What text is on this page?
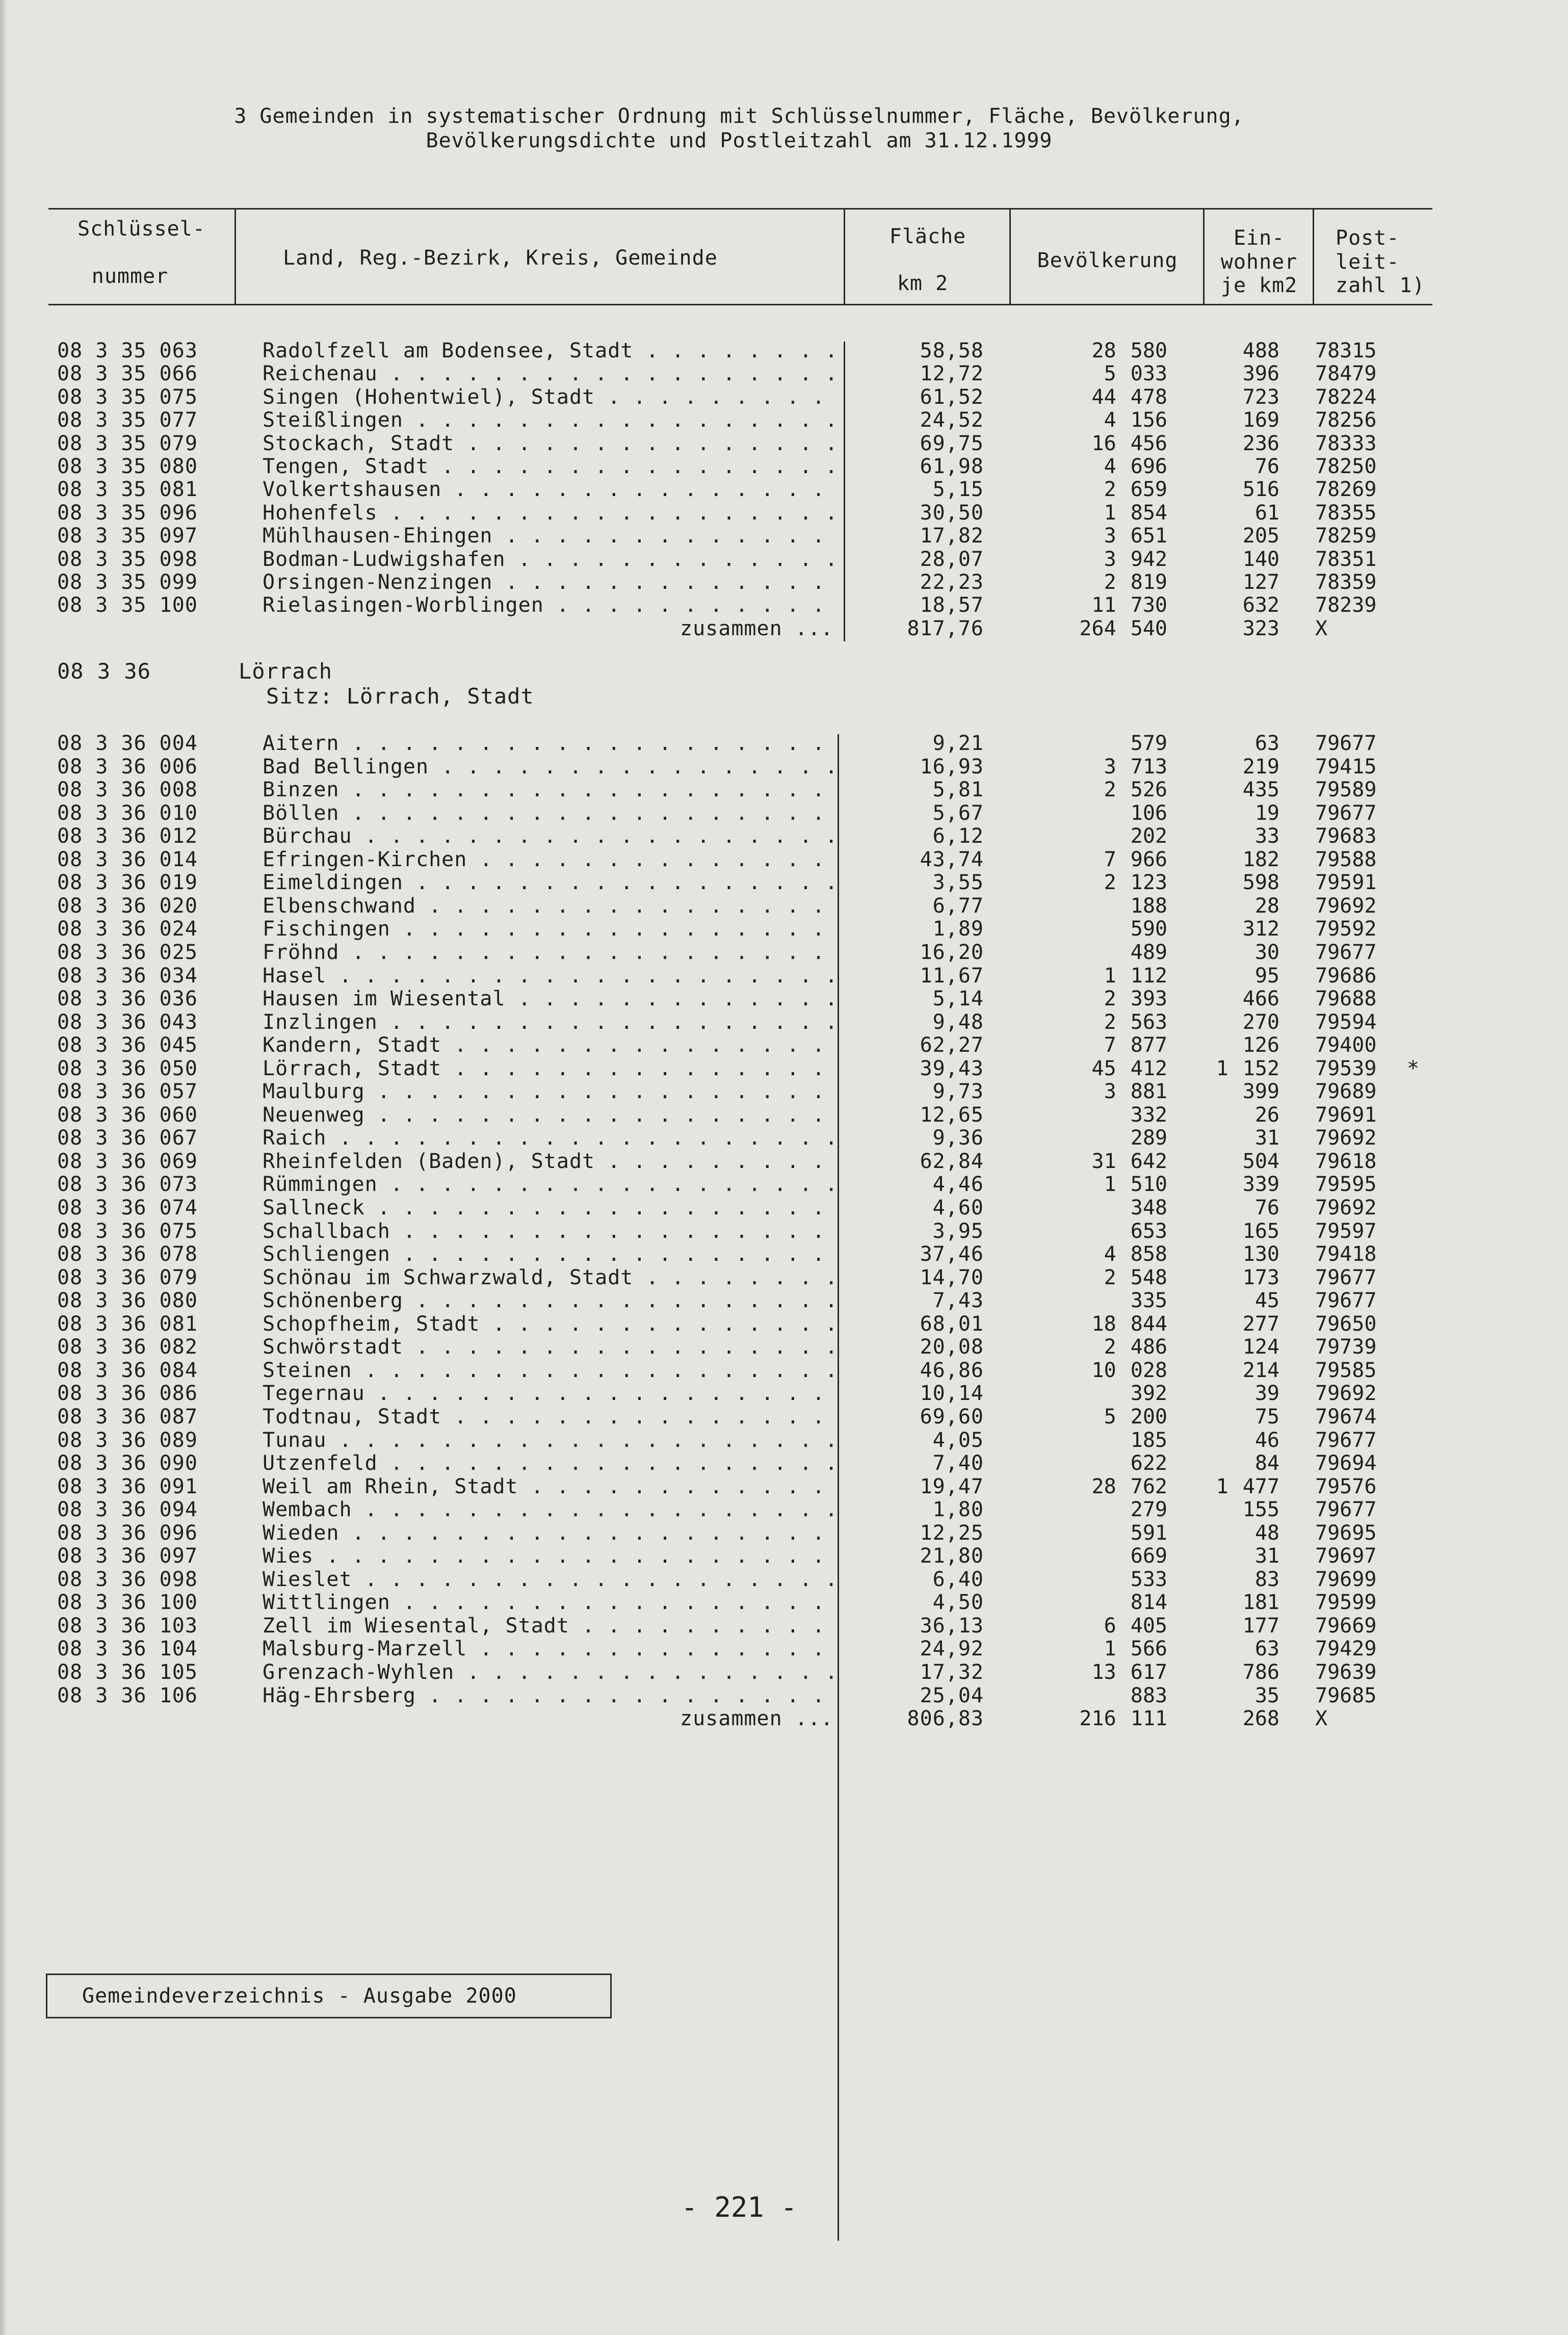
3 Gemeinden in systematischer Ordnung mit Schlüsselnummer, Fläche, Bevölkerung,
Bevölkerungsdichte und Postleitzahl am 31.12.1999
Schlüssel-
nummer
Land, Reg.-Bezirk, Kreis, Gemeinde
Fläche
km 2
Bevölkerung
Ein-
wohner
je km2
Post-
leit-
zahl 1)
08 3 35 063	Radolfzell am Bodensee, Stadt . . .	58,58	28 580	488 78315
08 3 35 066	Reichenau . . .	12,72	5 033	396 78479
08 3 35 075	Singen (Hohentwiel), Stadt . . .	61,52	44 478	723 78224
08 3 35 077	Steißlingen . . .	24,52	4 156	169 78256
08 3 35 079	Stockach, Stadt . . .	69,75	16 456	236 78333
08 3 35 080	Tengen, Stadt . . .	61,98	4 696	76 78250
08 3 35 081	Volkertshausen . . .	5,15	2 659	516 78269
08 3 35 096	Hohenfels . . .	30,50	1 854	61 78355
08 3 35 097	Mühlhausen-Ehingen . . .	17,82	3 651	205 78259
08 3 35 098	Bodman-Ludwigshafen . . .	28,07	3 942	140 78351
08 3 35 099	Orsingen-Nenzingen . . .	22,23	2 819	127 78359
08 3 35 100	Rielasingen-Worblingen . . .	18,57	11 730	632 78239
zusammen ...	817,76	264 540	323 X
08 3 36	Lörrach
Sitz: Lörrach, Stadt
08 3 36 004	Aitern . . .	9,21	579	63 79677
08 3 36 006	Bad Bellingen . . .	16,93	3 713	219 79415
08 3 36 008	Binzen . . .	5,81	2 526	435 79589
08 3 36 010	Böllen . . .	5,67	106	19 79677
08 3 36 012	Bürchau . . .	6,12	202	33 79683
08 3 36 014	Efringen-Kirchen . . .	43,74	7 966	182 79588
08 3 36 019	Eimeldingen . . .	3,55	2 123	598 79591
08 3 36 020	Elbenschwand . . .	6,77	188	28 79692
08 3 36 024	Fischingen . . .	1,89	590	312 79592
08 3 36 025	Fröhnd . . .	16,20	489	30 79677
08 3 36 034	Hasel . . .	11,67	1 112	95 79686
08 3 36 036	Hausen im Wiesental . . .	5,14	2 393	466 79688
08 3 36 043	Inzlingen . . .	9,48	2 563	270 79594
08 3 36 045	Kandern, Stadt . . .	62,27	7 877	126 79400
08 3 36 050	Lörrach, Stadt . . .	39,43	45 412	1 152 79539	*
08 3 36 057	Maulburg . . .	9,73	3 881	399 79689
08 3 36 060	Neuenweg . . .	12,65	332	26 79691
08 3 36 067	Raich . . .	9,36	289	31 79692
08 3 36 069	Rheinfelden (Baden), Stadt . . .	62,84	31 642	504 79618
08 3 36 073	Rümmingen . . .	4,46	1 510	339 79595
08 3 36 074	Sallneck . . .	4,60	348	76 79692
08 3 36 075	Schallbach . . .	3,95	653	165 79597
08 3 36 078	Schliengen . . .	37,46	4 858	130 79418
08 3 36 079	Schönau im Schwarzwald, Stadt . . .	14,70	2 548	173 79677
08 3 36 080	Schönenberg . . .	7,43	335	45 79677
08 3 36 081	Schopfheim, Stadt . . .	68,01	18 844	277 79650
08 3 36 082	Schwörstadt . . .	20,08	2 486	124 79739
08 3 36 084	Steinen . . .	46,86	10 028	214 79585
08 3 36 086	Tegernau . . .	10,14	392	39 79692
08 3 36 087	Todtnau, Stadt . . .	69,60	5 200	75 79674
08 3 36 089	Tunau . . .	4,05	185	46 79677
08 3 36 090	Utzenfeld . . .	7,40	622	84 79694
08 3 36 091	Weil am Rhein, Stadt . . .	19,47	28 762	1 477 79576
08 3 36 094	Wembach . . .	1,80	279	155 79677
08 3 36 096	Wieden . . .	12,25	591	48 79695
08 3 36 097	Wies . . .	21,80	669	31 79697
08 3 36 098	Wieslet . . .	6,40	533	83 79699
08 3 36 100	Wittlingen . . .	4,50	814	181 79599
08 3 36 103	Zell im Wiesental, Stadt . . .	36,13	6 405	177 79669
08 3 36 104	Malsburg-Marzell . . .	24,92	1 566	63 79429
08 3 36 105	Grenzach-Wyhlen . . .	17,32	13 617	786 79639
08 3 36 106	Häg-Ehrsberg . . .	25,04	883	35 79685
zusammen ...	806,83	216 111	268 X
Gemeindeverzeichnis - Ausgabe 2000
- 221 -
